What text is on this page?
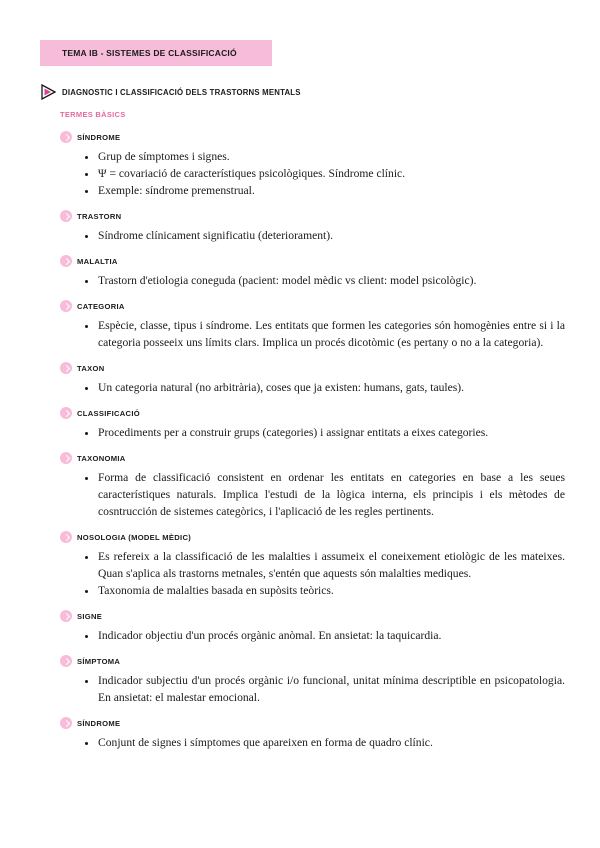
TEMA IB - SISTEMES DE CLASSIFICACIÓ
DIAGNOSTIC I CLASSIFICACIÓ DELS TRASTORNS MENTALS
TERMES BÀSICS
SÍNDROME
• Grup de símptomes i signes.
• Ψ = covariació de característiques psicològiques. Síndrome clínic.
• Exemple: síndrome premenstrual.
TRASTORN
• Síndrome clínicament significatiu (deteriorament).
MALALTIA
• Trastorn d'etiologia coneguda (pacient: model mèdic vs client: model psicològic).
CATEGORIA
• Espècie, classe, tipus i síndrome. Les entitats que formen les categories són homogènies entre si i la categoria posseeix uns límits clars. Implica un procés dicotòmic (es pertany o no a la categoria).
TAXON
• Un categoria natural (no arbitrària), coses que ja existen: humans, gats, taules).
CLASSIFICACIÓ
• Procediments per a construir grups (categories) i assignar entitats a eixes categories.
TAXONOMIA
• Forma de classificació consistent en ordenar les entitats en categories en base a les seues característiques naturals. Implica l'estudi de la lògica interna, els principis i els mètodes de cosntrucción de sistemes categòrics, i l'aplicació de les regles pertinents.
NOSOLOGIA (MODEL MÈDIC)
• Es refereix a la classificació de les malalties i assumeix el coneixement etiològic de les mateixes. Quan s'aplica als trastorns metnales, s'entén que aquests són malalties mediques.
• Taxonomia de malalties basada en supòsits teòrics.
SIGNE
• Indicador objectiu d'un procés orgànic anòmal. En ansietat: la taquicardia.
SÍMPTOMA
• Indicador subjectiu d'un procés orgànic i/o funcional, unitat mínima descriptible en psicopatologia. En ansietat: el malestar emocional.
SÍNDROME
• Conjunt de signes i símptomes que apareixen en forma de quadro clínic.
